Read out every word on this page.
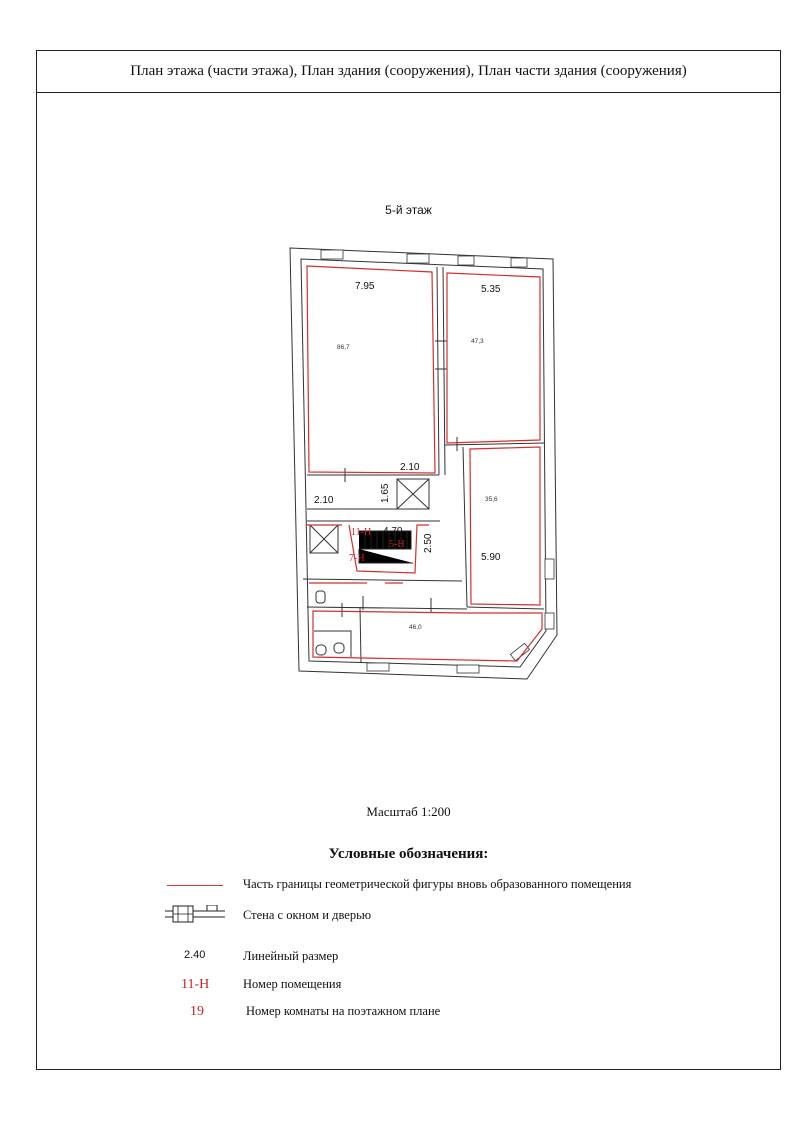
План этажа (части этажа), План здания (сооружения), План части здания (сооружения)
5-й этаж
7.95	5.35
2.10
1.65
2.10
4.70
2.50
5.90
86,7
47,3
35,6
46,0
11-Н
7-Н
5-Н
Масштаб 1:200
Условные обозначения:
Часть границы геометрической фигуры вновь образованного помещения
Стена с окном и дверью
2.40	Линейный размер
11-Н	Номер помещения
19	Номер комнаты на поэтажном плане
